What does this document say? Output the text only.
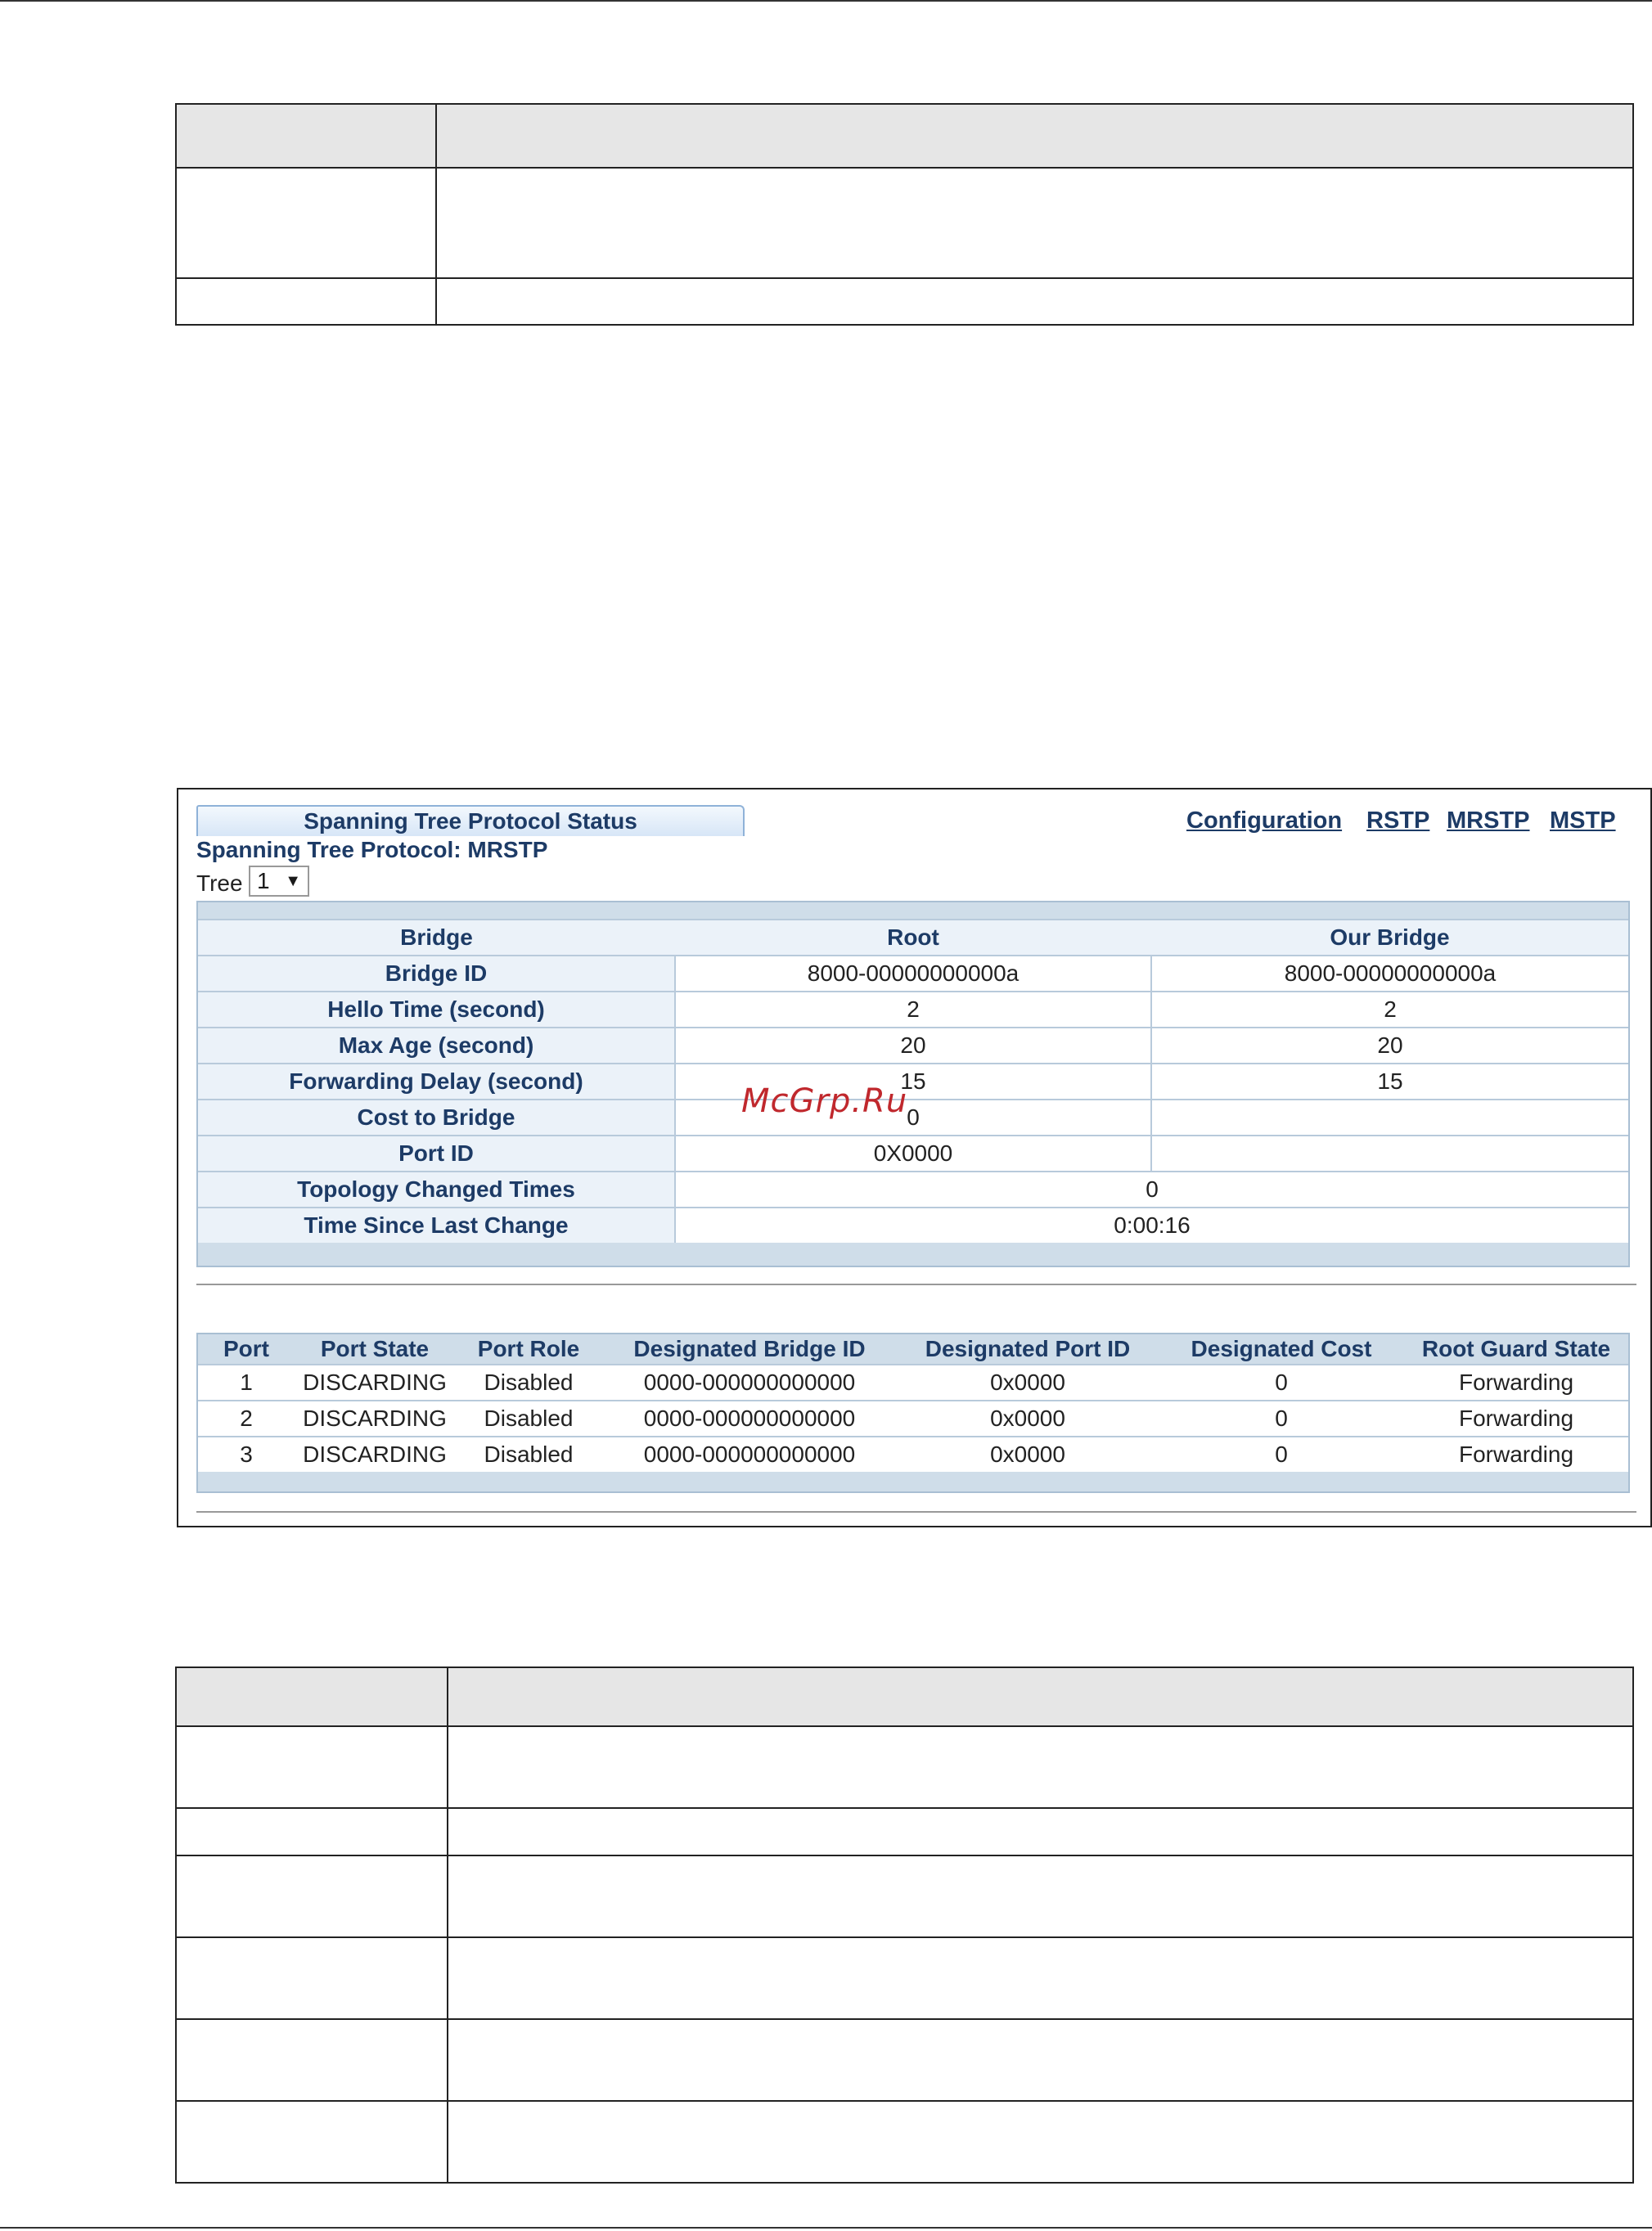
Spanning Tree Protocol Status	Configuration RSTP MRSTP MSTP
Spanning Tree Protocol: MRSTP
Tree 1 ▼
Bridge	Root	Our Bridge
Bridge ID	8000-00000000000a	8000-00000000000a
Hello Time (second)	2	2
Max Age (second)	20	20
Forwarding Delay (second)	15	15
Cost to Bridge	0	
Port ID	0X0000	
Topology Changed Times	0	
Time Since Last Change	0:00:16	
Port	Port State	Port Role	Designated Bridge ID	Designated Port ID	Designated Cost	Root Guard State
1	DISCARDING	Disabled	0000-000000000000	0x0000	0	Forwarding
2	DISCARDING	Disabled	0000-000000000000	0x0000	0	Forwarding
3	DISCARDING	Disabled	0000-000000000000	0x0000	0	Forwarding
McGrp.Ru
